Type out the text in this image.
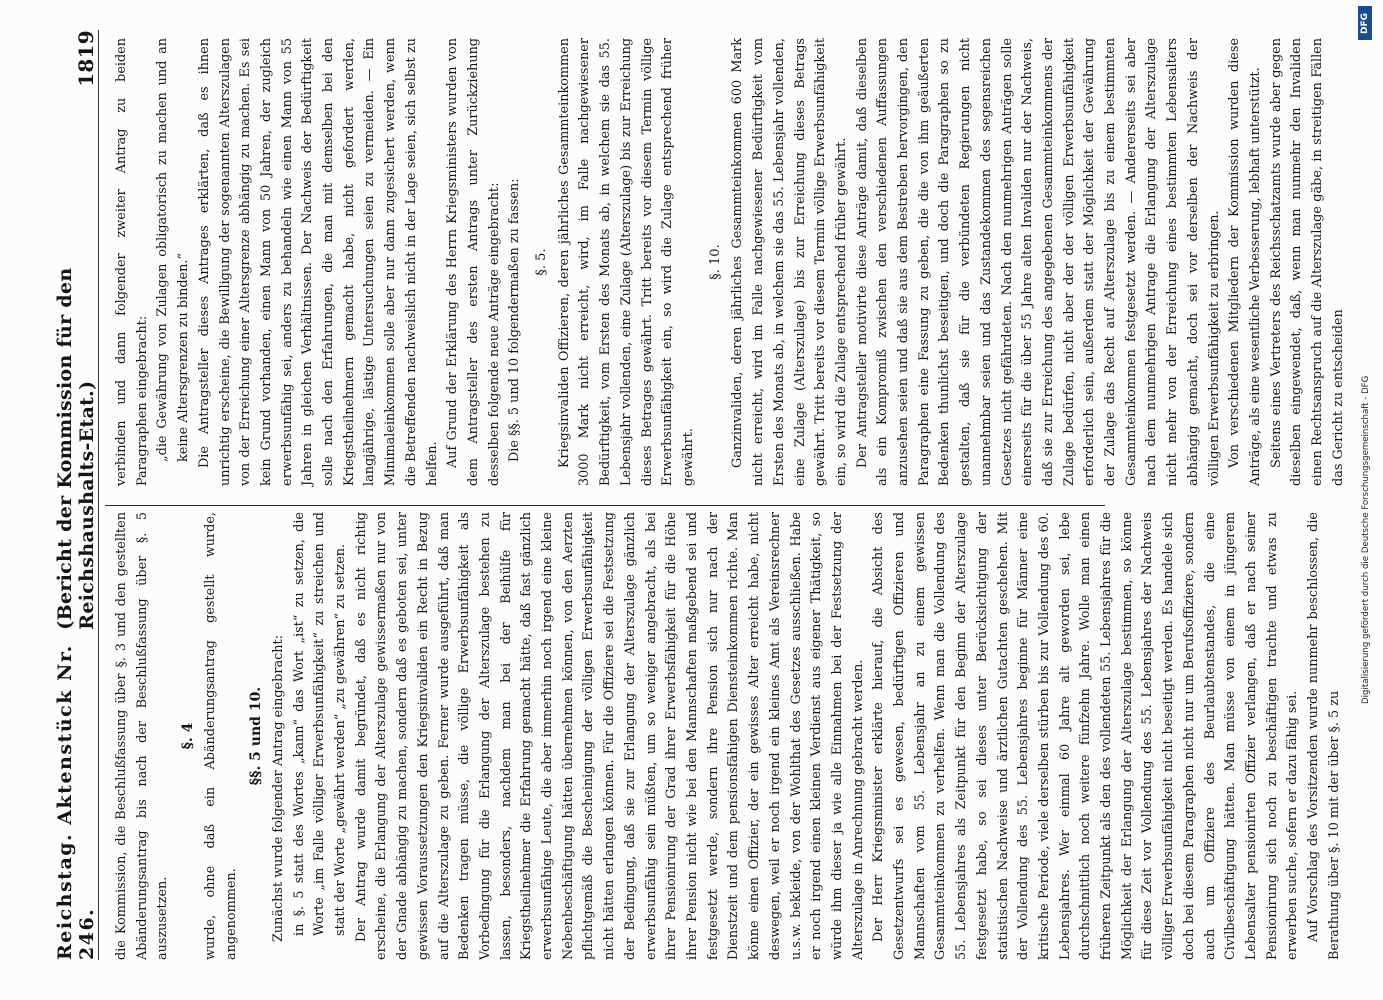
Reichstag. Aktenstück Nr. 246.
(Bericht der Kommission für den Reichshaushalts-Etat.)
1819

die Kommission, die Beschlußfassung über §. 3 und den gestellten Abänderungsantrag bis nach der Beschlußfassung über §. 5 auszusetzen.

§. 4 wurde, ohne daß ein Abänderungsantrag gestellt wurde, angenommen.

§§. 5 und 10. Zunächst wurde folgender Antrag eingebracht: in §. 5 statt des Wortes „kann“ das Wort „ist“ zu setzen, die Worte „im Falle völliger Erwerbsunfähigkeit“ zu streichen und statt der Worte „gewährt werden“ „zu gewähren“ zu setzen. Der Antrag wurde damit begründet, daß es nicht richtig erscheine, die Erlangung der Alterszulage gewissermaßen nur von der Gnade abhängig zu machen, sondern daß es geboten sei, unter gewissen Voraussetzungen den Kriegsinvaliden ein Recht in Bezug auf die Alterszulage zu geben. Ferner wurde ausgeführt, daß man Bedenken tragen müsse, die völlige Erwerbsunfähigkeit als Vorbedingung für die Erlangung der Alterszulage bestehen zu lassen, besonders, nachdem man bei der Beihülfe für Kriegstheilnehmer die Erfahrung gemacht hätte, daß fast gänzlich erwerbsunfähige Leute, die aber immerhin noch irgend eine kleine Nebenbeschäftigung hätten übernehmen können, von den Aerzten pflichtgemäß die Bescheinigung der völligen Erwerbsunfähigkeit nicht hätten erlangen können. Für die Offiziere sei die Festsetzung der Bedingung, daß sie zur Erlangung der Alterszulage gänzlich erwerbsunfähig sein müßten, um so weniger angebracht, als bei ihrer Pensionirung der Grad ihrer Erwerbsfähigkeit für die Höhe ihrer Pension nicht wie bei den Mannschaften maßgebend sei und festgesetzt werde, sondern ihre Pension sich nur nach der Dienstzeit und dem pensionsfähigen Diensteinkommen richte. Man könne einen Offizier, der ein gewisses Alter erreicht habe, nicht deswegen, weil er noch irgend ein kleines Amt als Vereinsrechner u.s.w. bekleide, von der Wohlthat des Gesetzes ausschließen. Habe er noch irgend einen kleinen Verdienst aus eigener Thätigkeit, so würde ihm dieser ja wie alle Einnahmen bei der Festsetzung der Alterszulage in Anrechnung gebracht werden. Der Herr Kriegsminister erklärte hierauf, die Absicht des Gesetzentwurfs sei es gewesen, bedürftigen Offizieren und Mannschaften vom 55. Lebensjahr an zu einem gewissen Gesammteinkommen zu verhelfen. Wenn man die Vollendung des 55. Lebensjahres als Zeitpunkt für den Beginn der Alterszulage festgesetzt habe, so sei dieses unter Berücksichtigung der statistischen Nachweise und ärztlichen Gutachten geschehen. Mit der Vollendung des 55. Lebensjahres beginne für Männer eine kritische Periode, viele derselben stürben bis zur Vollendung des 60. Lebensjahres. Wer einmal 60 Jahre alt geworden sei, lebe durchschnittlich noch weitere fünfzehn Jahre. Wolle man einen früheren Zeitpunkt als den des vollendeten 55. Lebensjahres für die Möglichkeit der Erlangung der Alterszulage bestimmen, so könne für diese Zeit vor Vollendung des 55. Lebensjahres der Nachweis völliger Erwerbsunfähigkeit nicht beseitigt werden. Es handele sich doch bei diesem Paragraphen nicht nur um Berufsoffiziere, sondern auch um Offiziere des Beurlaubtenstandes, die eine Civilbeschäftigung hätten. Man müsse von einem in jüngerem Lebensalter pensionirten Offizier verlangen, daß er nach seiner Pensionirung sich noch zu beschäftigen trachte und etwas zu erwerben suche, sofern er dazu fähig sei. Auf Vorschlag des Vorsitzenden wurde nunmehr beschlossen, die Berathung über §. 10 mit der über §. 5 zu

verbinden und dann folgender zweiter Antrag zu beiden Paragraphen eingebracht: „die Gewährung von Zulagen obligatorisch zu machen und an keine Altersgrenzen zu binden.“ Die Antragsteller dieses Antrages erklärten, daß es ihnen unrichtig erscheine, die Bewilligung der sogenannten Alterszulagen von der Erreichung einer Altersgrenze abhängig zu machen. Es sei kein Grund vorhanden, einen Mann von 50 Jahren, der zugleich erwerbsunfähig sei, anders zu behandeln wie einen Mann von 55 Jahren in gleichen Verhältnissen. Der Nachweis der Bedürftigkeit solle nach den Erfahrungen, die man mit demselben bei den Kriegstheilnehmern gemacht habe, nicht gefordert werden, langjährige, lästige Untersuchungen seien zu vermeiden. — Ein Minimaleinkommen solle aber nur dann zugesichert werden, wenn die Betreffenden nachweislich nicht in der Lage seien, sich selbst zu helfen. Auf Grund der Erklärung des Herrn Kriegsministers wurden von dem Antragsteller des ersten Antrags unter Zurückziehung desselben folgende neue Anträge eingebracht: Die §§. 5 und 10 folgendermaßen zu fassen: §. 5. Kriegsinvaliden Offizieren, deren jährliches Gesammteinkommen 3000 Mark nicht erreicht, wird, im Falle nachgewiesener Bedürftigkeit, vom Ersten des Monats ab, in welchem sie das 55. Lebensjahr vollenden, eine Zulage (Alterszulage) bis zur Erreichung dieses Betrages gewährt. Tritt bereits vor diesem Termin völlige Erwerbsunfähigkeit ein, so wird die Zulage entsprechend früher gewährt.

§. 10. Ganzinvaliden, deren jährliches Gesammteinkommen 600 Mark nicht erreicht, wird im Falle nachgewiesener Bedürftigkeit vom Ersten des Monats ab, in welchem sie das 55. Lebensjahr vollenden, eine Zulage (Alterszulage) bis zur Erreichung dieses Betrags gewährt. Tritt bereits vor diesem Termin völlige Erwerbsunfähigkeit ein, so wird die Zulage entsprechend früher gewährt. Der Antragsteller motivirte diese Anträge damit, daß dieselben als ein Kompromiß zwischen den verschiedenen Auffassungen anzusehen seien und daß sie aus dem Bestreben hervorgingen, den Paragraphen eine Fassung zu geben, die die von ihm geäußerten Bedenken thunlichst beseitigen, und doch die Paragraphen so zu gestalten, daß sie für die verbündeten Regierungen nicht unannehmbar seien und das Zustandekommen des segensreichen Gesetzes nicht gefährdeten. Nach den nunmehrigen Anträgen solle einerseits für die über 55 Jahre alten Invaliden nur der Nachweis, daß sie zur Erreichung des angegebenen Gesammteinkommens der Zulage bedürfen, nicht aber der der völligen Erwerbsunfähigkeit erforderlich sein, außerdem statt der Möglichkeit der Gewährung der Zulage das Recht auf Alterszulage bis zu einem bestimmten Gesammteinkommen festgesetzt werden. — Andererseits sei aber nach dem nunmehrigen Antrage die Erlangung der Alterszulage nicht mehr von der Erreichung eines bestimmten Lebensalters abhängig gemacht, doch sei vor derselben der Nachweis der völligen Erwerbsunfähigkeit zu erbringen. Von verschiedenen Mitgliedern der Kommission wurden diese Anträge, als eine wesentliche Verbesserung, lebhaft unterstützt. Seitens eines Vertreters des Reichsschatzamts wurde aber gegen dieselben eingewendet, daß, wenn man nunmehr den Invaliden einen Rechtsanspruch auf die Alterszulage gäbe, in streitigen Fällen das Gericht zu entscheiden

DFG
Digitalisierung gefördert durch die Deutsche Forschungsgemeinschaft - DFG
